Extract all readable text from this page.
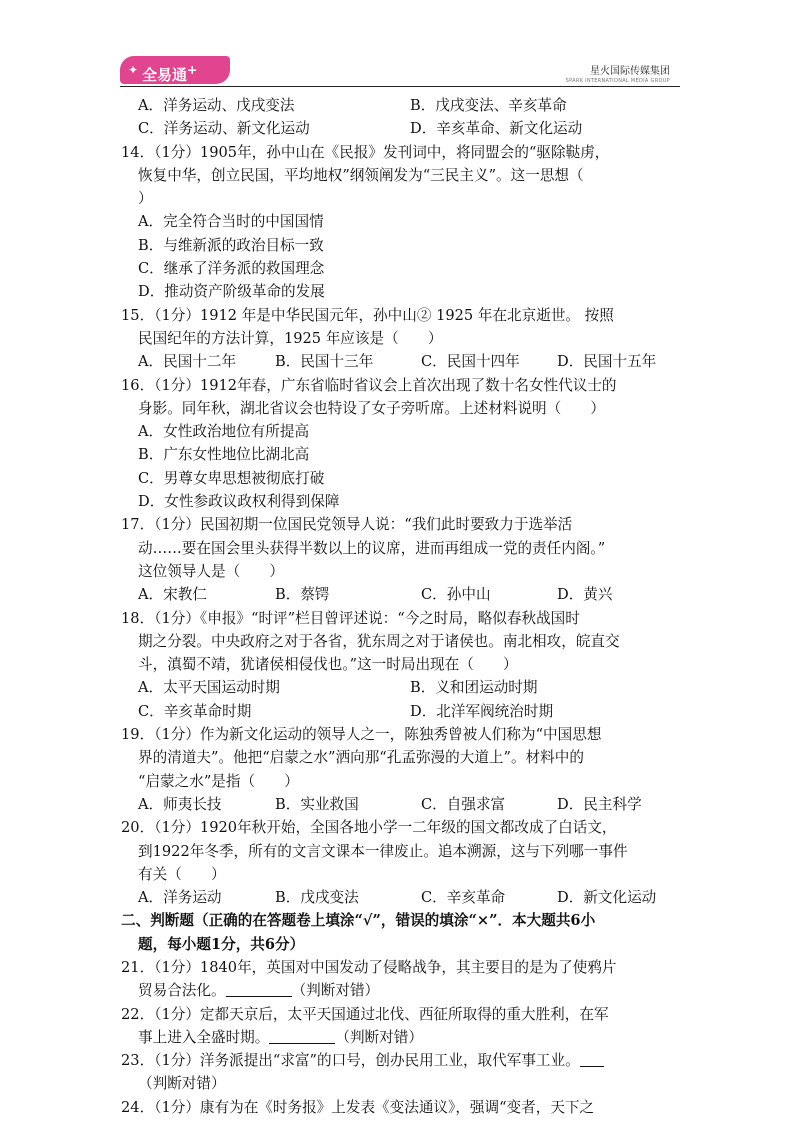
✦ 全易通+	星火国际传媒集团
SPARK INTERNATIONAL MEDIA GROUP
A．洋务运动、戊戌变法	B．戊戌变法、辛亥革命
C．洋务运动、新文化运动	D．辛亥革命、新文化运动
14．（1分）1905年，孙中山在《民报》发刊词中，将同盟会的“驱除鞑虏，
恢复中华，创立民国，平均地权”纲领阐发为“三民主义”。这一思想（
）
A．完全符合当时的中国国情
B．与维新派的政治目标一致
C．继承了洋务派的救国理念
D．推动资产阶级革命的发展
15．（1分）1912 年是中华民国元年，孙中山② 1925 年在北京逝世。 按照
民国纪年的方法计算，1925 年应该是（　　）
A．民国十二年	B．民国十三年	C．民国十四年	D．民国十五年
16．（1分）1912年春，广东省临时省议会上首次出现了数十名女性代议士的
身影。同年秋，湖北省议会也特设了女子旁听席。上述材料说明（　　）
A．女性政治地位有所提高
B．广东女性地位比湖北高
C．男尊女卑思想被彻底打破
D．女性参政议政权利得到保障
17．（1分）民国初期一位国民党领导人说：“我们此时要致力于选举活
动……要在国会里头获得半数以上的议席，进而再组成一党的责任内阁。”
这位领导人是（　　）
A．宋教仁	B．蔡锷	C．孙中山	D．黄兴
18．（1分）《申报》“时评”栏目曾评述说：“今之时局，略似春秋战国时
期之分裂。中央政府之对于各省，犹东周之对于诸侯也。南北相攻，皖直交
斗，滇蜀不靖，犹诸侯相侵伐也。”这一时局出现在（　　）
A．太平天国运动时期	B．义和团运动时期
C．辛亥革命时期	D．北洋军阀统治时期
19．（1分）作为新文化运动的领导人之一，陈独秀曾被人们称为“中国思想
界的清道夫”。他把“启蒙之水”洒向那“孔孟弥漫的大道上”。材料中的
“启蒙之水”是指（　　）
A．师夷长技	B．实业救国	C．自强求富	D．民主科学
20．（1分）1920年秋开始，全国各地小学一二年级的国文都改成了白话文，
到1922年冬季，所有的文言文课本一律废止。追本溯源，这与下列哪一事件
有关（　　）
A．洋务运动	B．戊戌变法	C．辛亥革命	D．新文化运动
二、判断题（正确的在答题卷上填涂“√”，错误的填涂“×”．本大题共6小
题，每小题1分，共6分）
21．（1分）1840年，英国对中国发动了侵略战争，其主要目的是为了使鸦片
贸易合法化。	（判断对错）
22．（1分）定都天京后，太平天国通过北伐、西征所取得的重大胜利，在军
事上进入全盛时期。	（判断对错）
23．（1分）洋务派提出“求富”的口号，创办民用工业，取代军事工业。
（判断对错）
24．（1分）康有为在《时务报》上发表《变法通议》，强调“变者，天下之
